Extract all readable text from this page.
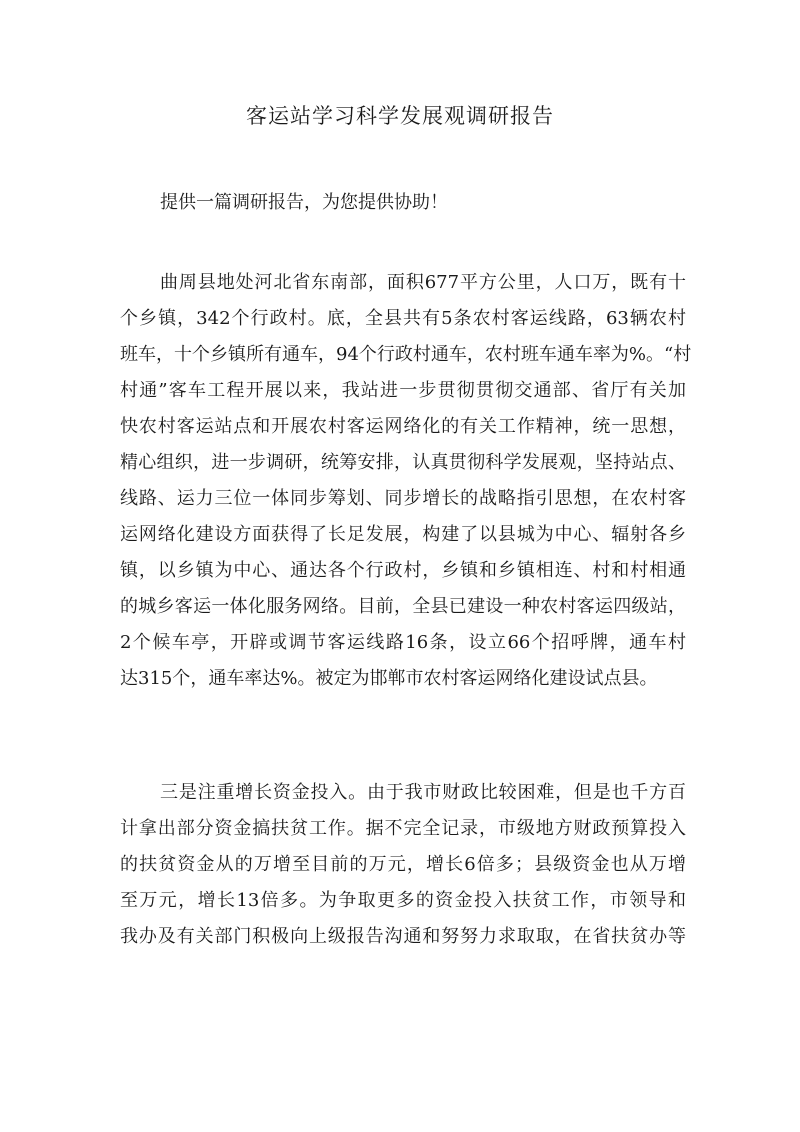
客运站学习科学发展观调研报告
提供一篇调研报告，为您提供协助！
曲周县地处河北省东南部，面积677平方公里，人口万，既有十
个乡镇，342个行政村。底，全县共有5条农村客运线路，63辆农村
班车，十个乡镇所有通车，94个行政村通车，农村班车通车率为%。“村
村通”客车工程开展以来，我站进一步贯彻贯彻交通部、省厅有关加
快农村客运站点和开展农村客运网络化的有关工作精神，统一思想，
精心组织，进一步调研，统筹安排，认真贯彻科学发展观，坚持站点、
线路、运力三位一体同步筹划、同步增长的战略指引思想，在农村客
运网络化建设方面获得了长足发展，构建了以县城为中心、辐射各乡
镇，以乡镇为中心、通达各个行政村，乡镇和乡镇相连、村和村相通
的城乡客运一体化服务网络。目前，全县已建设一种农村客运四级站，
2个候车亭，开辟或调节客运线路16条，设立66个招呼牌，通车村
达315个，通车率达%。被定为邯郸市农村客运网络化建设试点县。
三是注重增长资金投入。由于我市财政比较困难，但是也千方百
计拿出部分资金搞扶贫工作。据不完全记录，市级地方财政预算投入
的扶贫资金从的万增至目前的万元，增长6倍多；县级资金也从万增
至万元，增长13倍多。为争取更多的资金投入扶贫工作，市领导和
我办及有关部门积极向上级报告沟通和努努力求取取，在省扶贫办等
